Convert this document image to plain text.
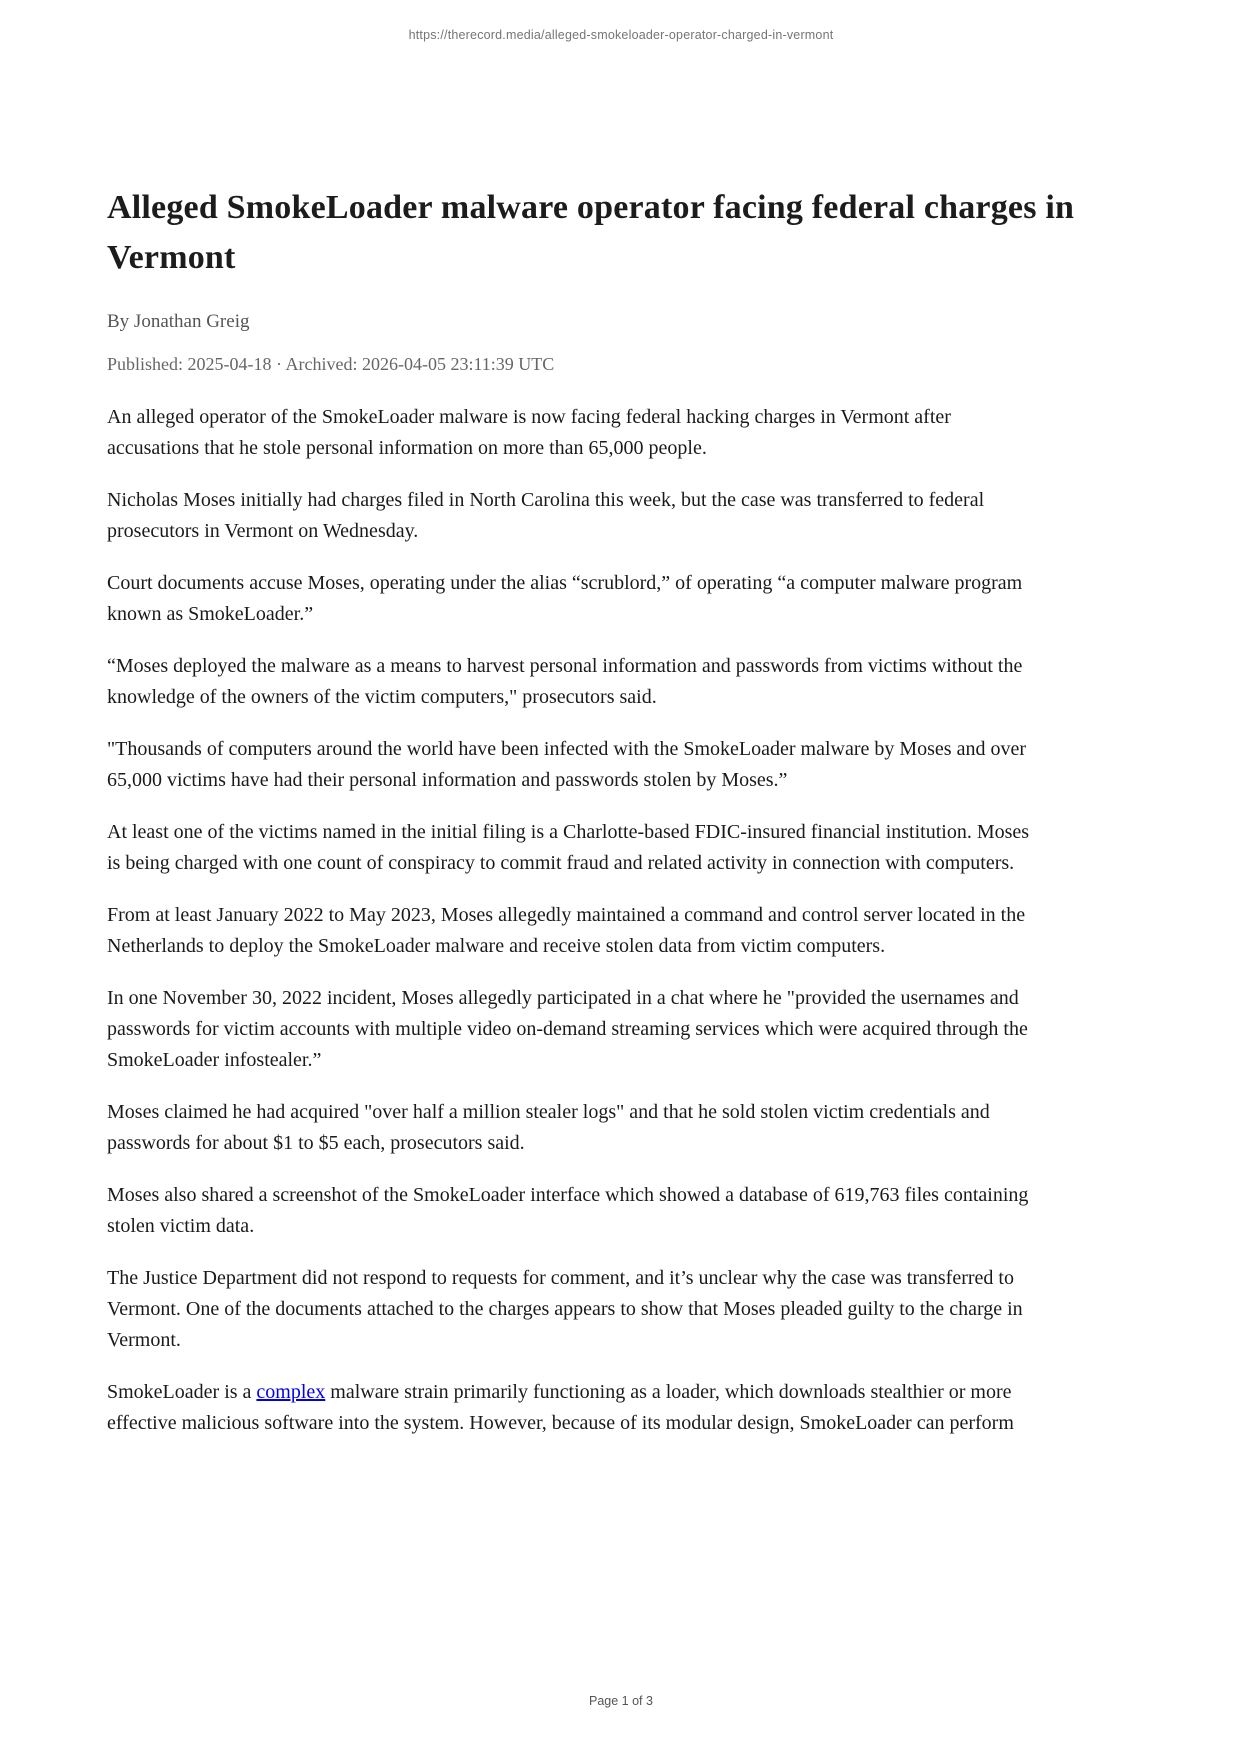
https://therecord.media/alleged-smokeloader-operator-charged-in-vermont
Alleged SmokeLoader malware operator facing federal charges in Vermont
By Jonathan Greig
Published: 2025-04-18 · Archived: 2026-04-05 23:11:39 UTC

An alleged operator of the SmokeLoader malware is now facing federal hacking charges in Vermont after accusations that he stole personal information on more than 65,000 people.

Nicholas Moses initially had charges filed in North Carolina this week, but the case was transferred to federal prosecutors in Vermont on Wednesday.

Court documents accuse Moses, operating under the alias “scrublord,” of operating “a computer malware program known as SmokeLoader.”

“Moses deployed the malware as a means to harvest personal information and passwords from victims without the knowledge of the owners of the victim computers," prosecutors said.

"Thousands of computers around the world have been infected with the SmokeLoader malware by Moses and over 65,000 victims have had their personal information and passwords stolen by Moses.”

At least one of the victims named in the initial filing is a Charlotte-based FDIC-insured financial institution. Moses is being charged with one count of conspiracy to commit fraud and related activity in connection with computers.

From at least January 2022 to May 2023, Moses allegedly maintained a command and control server located in the Netherlands to deploy the SmokeLoader malware and receive stolen data from victim computers.

In one November 30, 2022 incident, Moses allegedly participated in a chat where he "provided the usernames and passwords for victim accounts with multiple video on-demand streaming services which were acquired through the SmokeLoader infostealer.”

Moses claimed he had acquired "over half a million stealer logs" and that he sold stolen victim credentials and passwords for about $1 to $5 each, prosecutors said.

Moses also shared a screenshot of the SmokeLoader interface which showed a database of 619,763 files containing stolen victim data.

The Justice Department did not respond to requests for comment, and it’s unclear why the case was transferred to Vermont. One of the documents attached to the charges appears to show that Moses pleaded guilty to the charge in Vermont.

SmokeLoader is a complex malware strain primarily functioning as a loader, which downloads stealthier or more effective malicious software into the system. However, because of its modular design, SmokeLoader can perform

Page 1 of 3
